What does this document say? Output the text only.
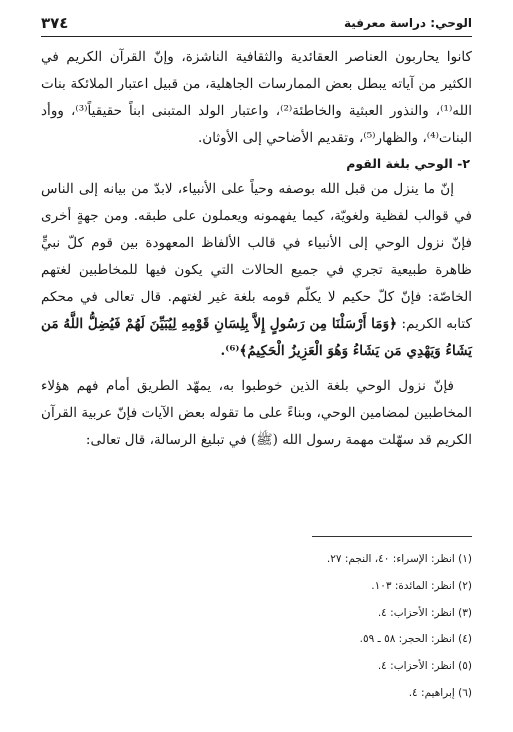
الوحي: دراسة معرفية
٣٧٤

كانوا يحاربون العناصر العقائدية والثقافية الناشزة، وإنّ القرآن الكريم في الكثير من آياته يبطل بعض الممارسات الجاهلية، من قبيل اعتبار الملائكة بنات الله⁽¹⁾، والنذور العبثية والخاطئة⁽²⁾، واعتبار الولد المتبنى ابناً حقيقياً⁽³⁾، ووأد البنات⁽⁴⁾، والظهار⁽⁵⁾، وتقديم الأضاحي إلى الأوثان.

٢- الوحي بلغة القوم

إنّ ما ينزل من قبل الله بوصفه وحياً على الأنبياء، لابدّ من بيانه إلى الناس في قوالب لفظية ولغويّة، كيما يفهمونه ويعملون على طبقه. ومن جهةٍ أخرى فإنّ نزول الوحي إلى الأنبياء في قالب الألفاظ المعهودة بين قوم كلّ نبيٍّ ظاهرة طبيعية تجري في جميع الحالات التي يكون فيها للمخاطبين لغتهم الخاصّة: فإنّ كلّ حكيم لا يكلّم قومه بلغة غير لغتهم. قال تعالى في محكم كتابه الكريم: ﴿وَمَا أَرْسَلْنَا مِن رَسُولٍ إِلاَّ بِلِسَانِ قَوْمِهِ لِيُبَيِّنَ لَهُمْ فَيُضِلُّ اللَّهُ مَن يَشَاءُ وَيَهْدِي مَن يَشَاءُ وَهُوَ الْعَزِيزُ الْحَكِيمُ﴾⁽⁶⁾.

فإنّ نزول الوحي بلغة الذين خوطبوا به، يمهّد الطريق أمام فهم هؤلاء المخاطبين لمضامين الوحي، وبناءً على ما تقوله بعض الآيات فإنّ عربية القرآن الكريم قد سهّلت مهمة رسول الله (ﷺ) في تبليغ الرسالة، قال تعالى:

(١) انظر: الإسراء: ٤٠، النجم: ٢٧.
(٢) انظر: المائدة: ١٠٣.
(٣) انظر: الأحزاب: ٤.
(٤) انظر: الحجر: ٥٨ ـ ٥٩.
(٥) انظر: الأحزاب: ٤.
(٦) إبراهيم: ٤.
